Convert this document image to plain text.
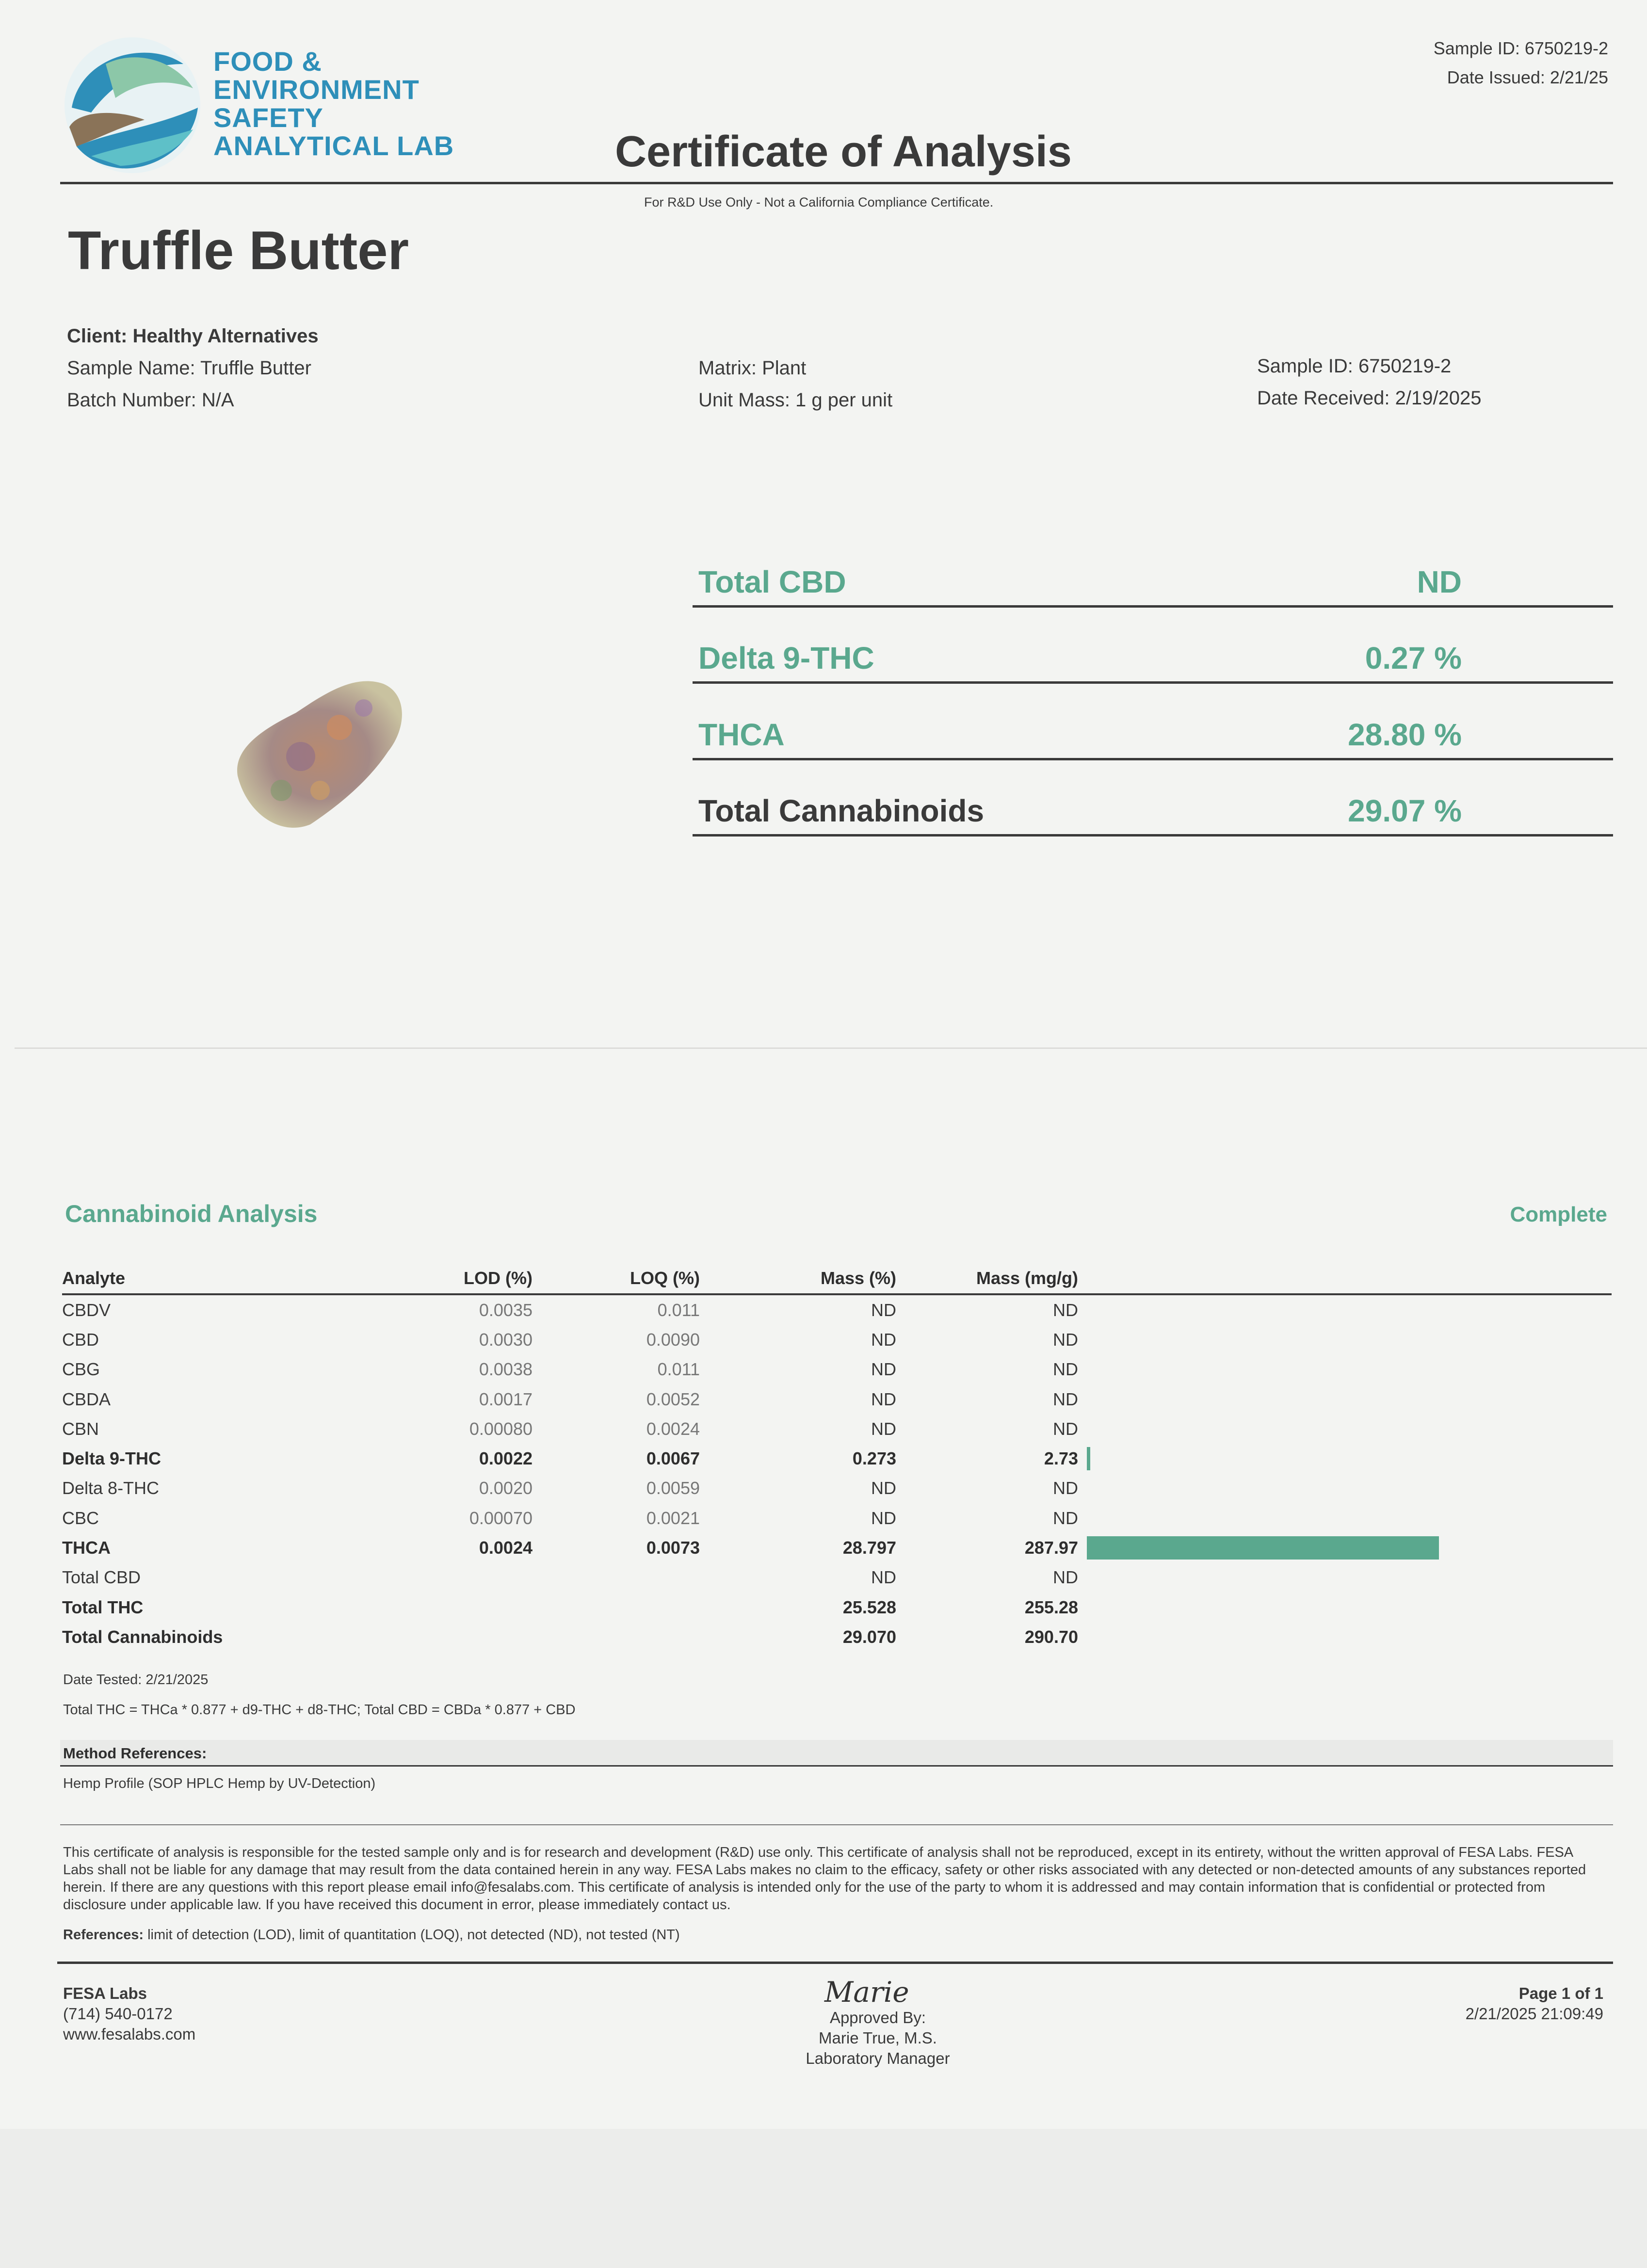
FOOD &
ENVIRONMENT
SAFETY
ANALYTICAL LAB
Sample ID: 6750219-2
Date Issued: 2/21/25
Certificate of Analysis
For R&D Use Only - Not a California Compliance Certificate.
Truffle Butter
Client: Healthy Alternatives
Sample Name: Truffle Butter
Batch Number: N/A
Matrix: Plant
Unit Mass: 1 g per unit
Sample ID: 6750219-2
Date Received: 2/19/2025
Total CBD	ND
Delta 9-THC	0.27 %
THCA	28.80 %
Total Cannabinoids	29.07 %
Cannabinoid Analysis	Complete
Analyte	LOD (%)	LOQ (%)	Mass (%)	Mass (mg/g)	
CBDV	0.0035	0.011	ND	ND	
CBD	0.0030	0.0090	ND	ND	
CBG	0.0038	0.011	ND	ND	
CBDA	0.0017	0.0052	ND	ND	
CBN	0.00080	0.0024	ND	ND	
Delta 9-THC	0.0022	0.0067	0.273	2.73	

Delta 8-THC	0.0020	0.0059	ND	ND	
CBC	0.00070	0.0021	ND	ND	
THCA	0.0024	0.0073	28.797	287.97	

Total CBD			ND	ND	
Total THC			25.528	255.28	
Total Cannabinoids			29.070	290.70	
Date Tested: 2/21/2025
Total THC = THCa * 0.877 + d9-THC + d8-THC; Total CBD = CBDa * 0.877 + CBD
Method References:
Hemp Profile (SOP HPLC Hemp by UV-Detection)
This certificate of analysis is responsible for the tested sample only and is for research and development (R&D) use only. This certificate of analysis shall not be reproduced, except in its entirety, without the written approval of FESA Labs. FESA Labs shall not be liable for any damage that may result from the data contained herein in any way. FESA Labs makes no claim to the efficacy, safety or other risks associated with any detected or non-detected amounts of any substances reported herein. If there are any questions with this report please email info@fesalabs.com. This certificate of analysis is intended only for the use of the party to whom it is addressed and may contain information that is confidential or protected from disclosure under applicable law. If you have received this document in error, please immediately contact us.
References: limit of detection (LOD), limit of quantitation (LOQ), not detected (ND), not tested (NT)
FESA Labs
(714) 540-0172
www.fesalabs.com
Marie
Approved By:
Marie True, M.S.
Laboratory Manager
Page 1 of 1
2/21/2025 21:09:49
